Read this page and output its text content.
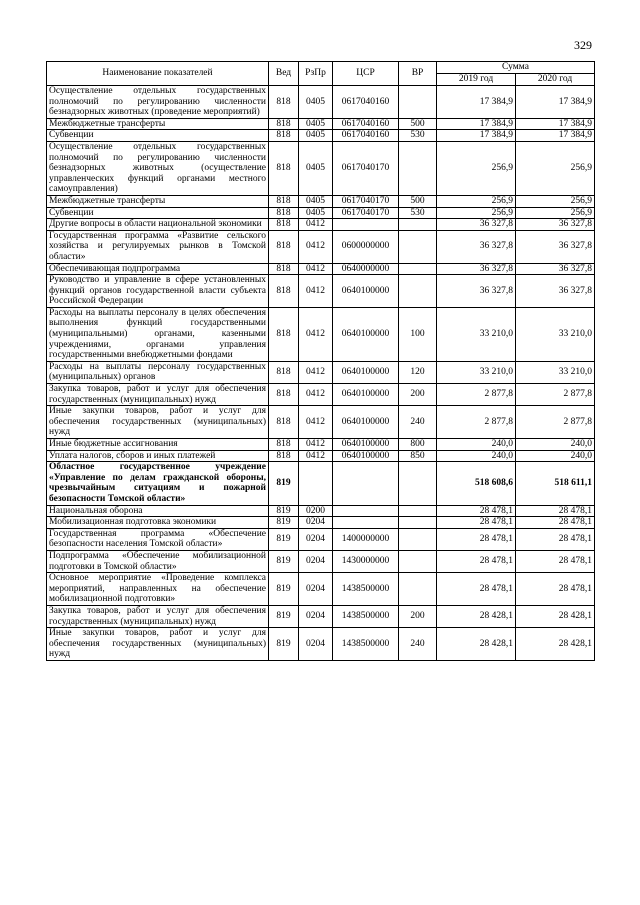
329
Наименование показателей	Вед	РзПр	ЦСР	ВР	Сумма	
					2019 год	2020 год
Осуществление отдельных государственных полномочий по регулированию численности безнадзорных животных (проведение мероприятий)	818	0405	0617040160		17 384,9	17 384,9
Межбюджетные трансферты	818	0405	0617040160	500	17 384,9	17 384,9
Субвенции	818	0405	0617040160	530	17 384,9	17 384,9
Осуществление отдельных государственных полномочий по регулированию численности безнадзорных животных (осуществление управленческих функций органами местного самоуправления)	818	0405	0617040170		256,9	256,9
Межбюджетные трансферты	818	0405	0617040170	500	256,9	256,9
Субвенции	818	0405	0617040170	530	256,9	256,9
Другие вопросы в области национальной экономики	818	0412			36 327,8	36 327,8
Государственная программа «Развитие сельского хозяйства и регулируемых рынков в Томской области»	818	0412	0600000000		36 327,8	36 327,8
Обеспечивающая подпрограмма	818	0412	0640000000		36 327,8	36 327,8
Руководство и управление в сфере установленных функций органов государственной власти субъекта Российской Федерации	818	0412	0640100000		36 327,8	36 327,8
Расходы на выплаты персоналу в целях обеспечения выполнения функций государственными (муниципальными) органами, казенными учреждениями, органами управления государственными внебюджетными фондами	818	0412	0640100000	100	33 210,0	33 210,0
Расходы на выплаты персоналу государственных (муниципальных) органов	818	0412	0640100000	120	33 210,0	33 210,0
Закупка товаров, работ и услуг для обеспечения государственных (муниципальных) нужд	818	0412	0640100000	200	2 877,8	2 877,8
Иные закупки товаров, работ и услуг для обеспечения государственных (муниципальных) нужд	818	0412	0640100000	240	2 877,8	2 877,8
Иные бюджетные ассигнования	818	0412	0640100000	800	240,0	240,0
Уплата налогов, сборов и иных платежей	818	0412	0640100000	850	240,0	240,0
Областное государственное учреждение «Управление по делам гражданской обороны, чрезвычайным ситуациям и пожарной безопасности Томской области»	819				518 608,6	518 611,1
Национальная оборона	819	0200			28 478,1	28 478,1
Мобилизационная подготовка экономики	819	0204			28 478,1	28 478,1
Государственная программа «Обеспечение безопасности населения Томской области»	819	0204	1400000000		28 478,1	28 478,1
Подпрограмма «Обеспечение мобилизационной подготовки в Томской области»	819	0204	1430000000		28 478,1	28 478,1
Основное мероприятие «Проведение комплекса мероприятий, направленных на обеспечение мобилизационной подготовки»	819	0204	1438500000		28 478,1	28 478,1
Закупка товаров, работ и услуг для обеспечения государственных (муниципальных) нужд	819	0204	1438500000	200	28 428,1	28 428,1
Иные закупки товаров, работ и услуг для обеспечения государственных (муниципальных) нужд	819	0204	1438500000	240	28 428,1	28 428,1
